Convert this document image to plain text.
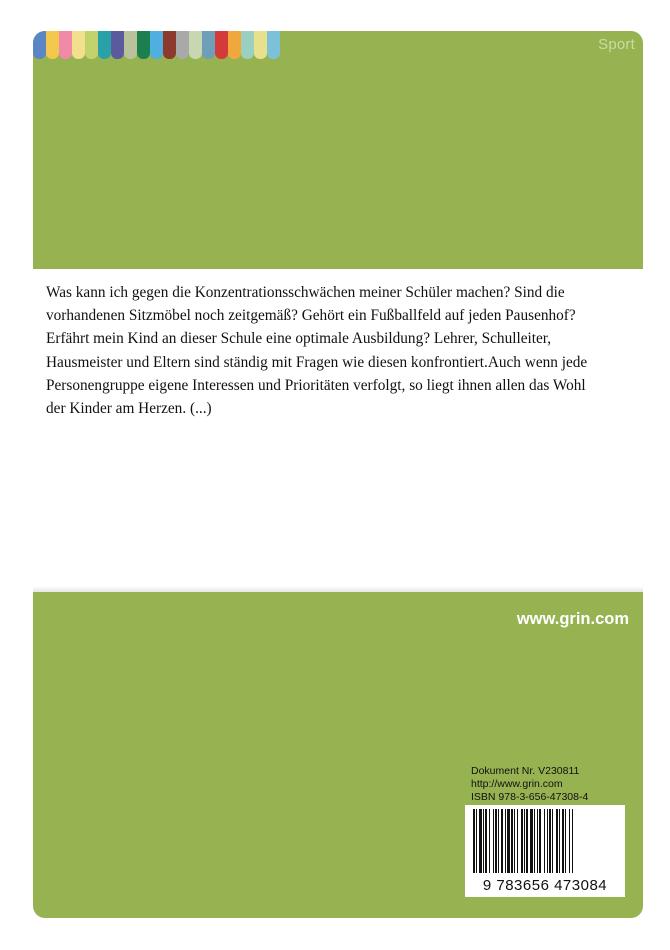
Sport

Was kann ich gegen die Konzentrationsschwächen meiner Schüler machen? Sind die vorhandenen Sitzmöbel noch zeitgemäß? Gehört ein Fußballfeld auf jeden Pausenhof? Erfährt mein Kind an dieser Schule eine optimale Ausbildung? Lehrer, Schulleiter, Hausmeister und Eltern sind ständig mit Fragen wie diesen konfrontiert.Auch wenn jede Personengruppe eigene Interessen und Prioritäten verfolgt, so liegt ihnen allen das Wohl der Kinder am Herzen. (...)

www.grin.com
Dokument Nr. V230811
http://www.grin.com
ISBN 978-3-656-47308-4
9 783656 473084
